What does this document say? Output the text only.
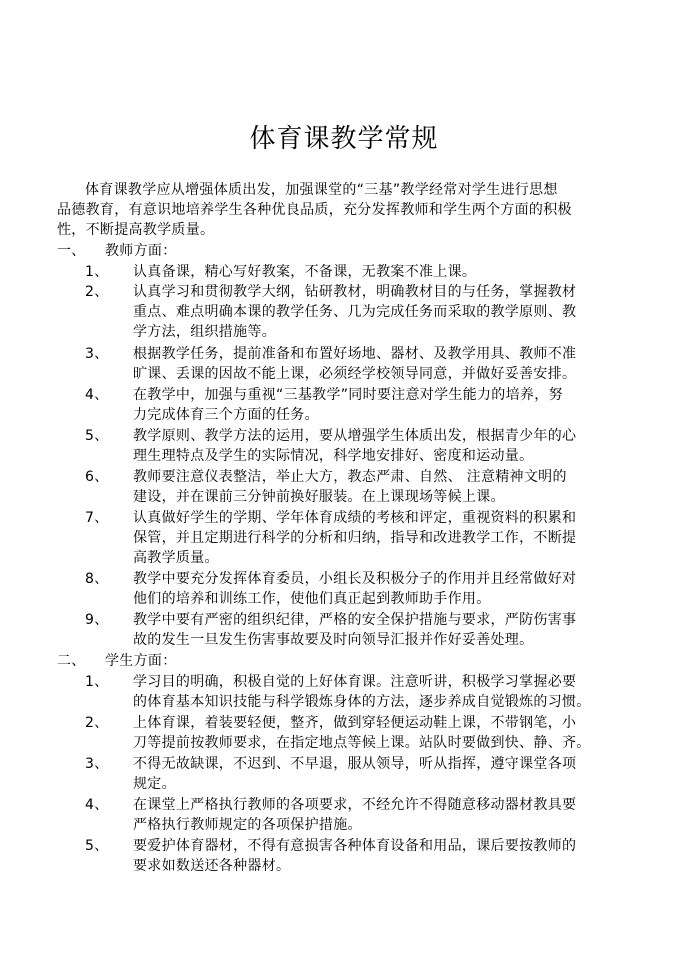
体育课教学常规
体育课教学应从增强体质出发，加强课堂的“三基”教学经常对学生进行思想
品德教育，有意识地培养学生各种优良品质，充分发挥教师和学生两个方面的积极
性，不断提高教学质量。
一、 教师方面：
1、	认真备课，精心写好教案，不备课，无教案不准上课。
2、	认真学习和贯彻教学大纲，钻研教材，明确教材目的与任务，掌握教材
重点、难点明确本课的教学任务、几为完成任务而采取的教学原则、教
学方法，组织措施等。
3、	根据教学任务，提前准备和布置好场地、器材、及教学用具、教师不准
旷课、丢课的因故不能上课，必须经学校领导同意，并做好妥善安排。
4、	在教学中，加强与重视“三基教学”同时要注意对学生能力的培养，努
力完成体育三个方面的任务。
5、	教学原则、教学方法的运用，要从增强学生体质出发，根据青少年的心
理生理特点及学生的实际情况，科学地安排好、密度和运动量。
6、	教师要注意仪表整洁，举止大方，教态严肃、自然、 注意精神文明的
建设，并在课前三分钟前换好服装。在上课现场等候上课。
7、	认真做好学生的学期、学年体育成绩的考核和评定，重视资料的积累和
保管，并且定期进行科学的分析和归纳，指导和改进教学工作，不断提
高教学质量。
8、	教学中要充分发挥体育委员，小组长及积极分子的作用并且经常做好对
他们的培养和训练工作，使他们真正起到教师助手作用。
9、	教学中要有严密的组织纪律，严格的安全保护措施与要求，严防伤害事
故的发生一旦发生伤害事故要及时向领导汇报并作好妥善处理。
二、 学生方面：
1、	学习目的明确，积极自觉的上好体育课。注意听讲，积极学习掌握必要
的体育基本知识技能与科学锻炼身体的方法，逐步养成自觉锻炼的习惯。
2、	上体育课，着装要轻便，整齐，做到穿轻便运动鞋上课，不带钢笔，小
刀等提前按教师要求，在指定地点等候上课。站队时要做到快、静、齐。
3、	不得无故缺课，不迟到、不早退，服从领导，听从指挥，遵守课堂各项
规定。
4、	在课堂上严格执行教师的各项要求，不经允许不得随意移动器材教具要
严格执行教师规定的各项保护措施。
5、	要爱护体育器材，不得有意损害各种体育设备和用品，课后要按教师的
要求如数送还各种器材。
